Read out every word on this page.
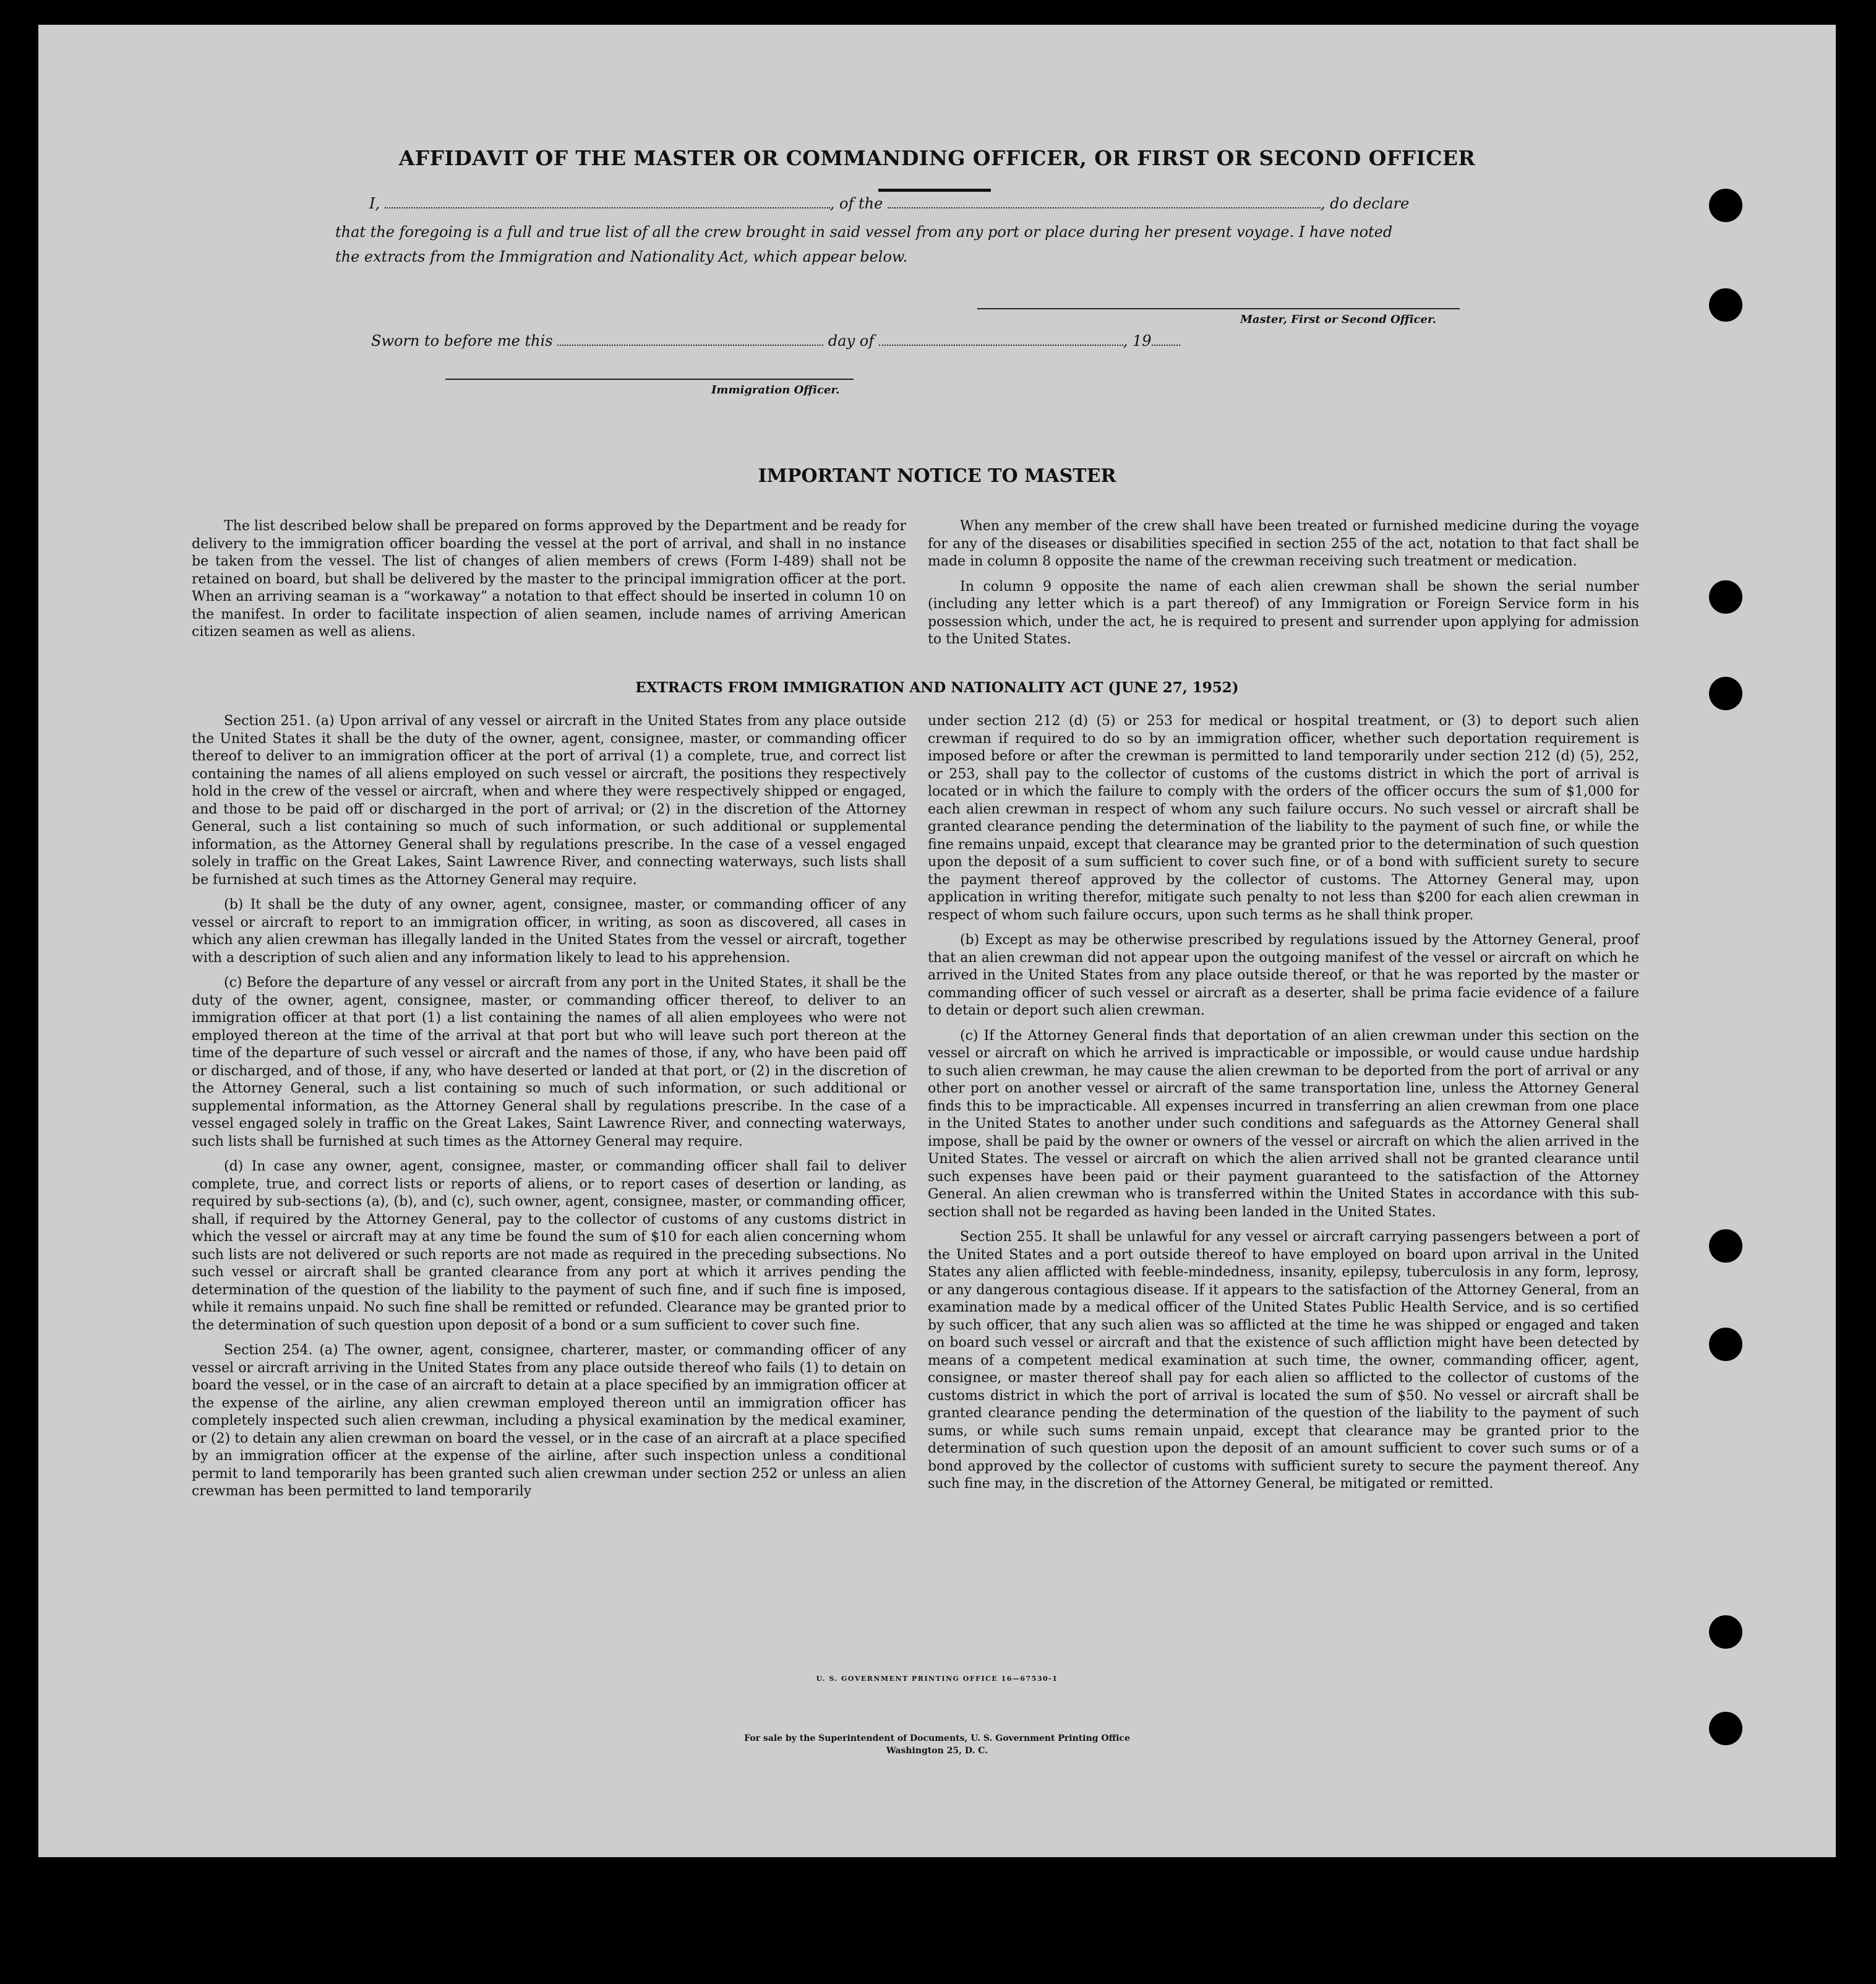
AFFIDAVIT OF THE MASTER OR COMMANDING OFFICER, OR FIRST OR SECOND OFFICER
I,	, of the	, do declare
that the foregoing is a full and true list of all the crew brought in said vessel from any port or place during her present voyage. I have noted
the extracts from the Immigration and Nationality Act, which appear below.
Master, First or Second Officer.
Sworn to before me this	day of	, 19
Immigration Officer.
IMPORTANT NOTICE TO MASTER

The list described below shall be prepared on forms approved by the Department and be ready for delivery to the immigration officer boarding the vessel at the port of arrival, and shall in no instance be taken from the vessel. The list of changes of alien members of crews (Form I-489) shall not be retained on board, but shall be delivered by the master to the principal immigration officer at the port. When an arriving seaman is a “workaway” a notation to that effect should be inserted in column 10 on the manifest. In order to facilitate inspection of alien seamen, include names of arriving American citizen seamen as well as aliens.

When any member of the crew shall have been treated or furnished medicine during the voyage for any of the diseases or disabilities specified in section 255 of the act, notation to that fact shall be made in column 8 opposite the name of the crewman receiving such treatment or medication.

In column 9 opposite the name of each alien crewman shall be shown the serial number (including any letter which is a part thereof) of any Immigration or Foreign Service form in his possession which, under the act, he is required to present and surrender upon applying for admission to the United States.

EXTRACTS FROM IMMIGRATION AND NATIONALITY ACT (JUNE 27, 1952)

Section 251. (a) Upon arrival of any vessel or aircraft in the United States from any place outside the United States it shall be the duty of the owner, agent, consignee, master, or commanding officer thereof to deliver to an immigration officer at the port of arrival (1) a complete, true, and correct list containing the names of all aliens employed on such vessel or aircraft, the positions they respectively hold in the crew of the vessel or aircraft, when and where they were respectively shipped or engaged, and those to be paid off or discharged in the port of arrival; or (2) in the discretion of the Attorney General, such a list containing so much of such information, or such additional or supplemental information, as the Attorney General shall by regulations prescribe. In the case of a vessel engaged solely in traffic on the Great Lakes, Saint Lawrence River, and connecting waterways, such lists shall be furnished at such times as the Attorney General may require.

(b) It shall be the duty of any owner, agent, consignee, master, or commanding officer of any vessel or aircraft to report to an immigration officer, in writing, as soon as discovered, all cases in which any alien crewman has illegally landed in the United States from the vessel or aircraft, together with a description of such alien and any information likely to lead to his apprehension.

(c) Before the departure of any vessel or aircraft from any port in the United States, it shall be the duty of the owner, agent, consignee, master, or commanding officer thereof, to deliver to an immigration officer at that port (1) a list containing the names of all alien employees who were not employed thereon at the time of the arrival at that port but who will leave such port thereon at the time of the departure of such vessel or aircraft and the names of those, if any, who have been paid off or discharged, and of those, if any, who have deserted or landed at that port, or (2) in the discretion of the Attorney General, such a list containing so much of such information, or such additional or supplemental information, as the Attorney General shall by regulations prescribe. In the case of a vessel engaged solely in traffic on the Great Lakes, Saint Lawrence River, and connecting waterways, such lists shall be furnished at such times as the Attorney General may require.

(d) In case any owner, agent, consignee, master, or commanding officer shall fail to deliver complete, true, and correct lists or reports of aliens, or to report cases of desertion or landing, as required by sub-sections (a), (b), and (c), such owner, agent, consignee, master, or commanding officer, shall, if required by the Attorney General, pay to the collector of customs of any customs district in which the vessel or aircraft may at any time be found the sum of $10 for each alien concerning whom such lists are not delivered or such reports are not made as required in the preceding subsections. No such vessel or aircraft shall be granted clearance from any port at which it arrives pending the determination of the question of the liability to the payment of such fine, and if such fine is imposed, while it remains unpaid. No such fine shall be remitted or refunded. Clearance may be granted prior to the determination of such question upon deposit of a bond or a sum sufficient to cover such fine.

Section 254. (a) The owner, agent, consignee, charterer, master, or commanding officer of any vessel or aircraft arriving in the United States from any place outside thereof who fails (1) to detain on board the vessel, or in the case of an aircraft to detain at a place specified by an immigration officer at the expense of the airline, any alien crewman employed thereon until an immigration officer has completely inspected such alien crewman, including a physical examination by the medical examiner, or (2) to detain any alien crewman on board the vessel, or in the case of an aircraft at a place specified by an immigration officer at the expense of the airline, after such inspection unless a conditional permit to land temporarily has been granted such alien crewman under section 252 or unless an alien crewman has been permitted to land temporarily

under section 212 (d) (5) or 253 for medical or hospital treatment, or (3) to deport such alien crewman if required to do so by an immigration officer, whether such deportation requirement is imposed before or after the crewman is permitted to land temporarily under section 212 (d) (5), 252, or 253, shall pay to the collector of customs of the customs district in which the port of arrival is located or in which the failure to comply with the orders of the officer occurs the sum of $1,000 for each alien crewman in respect of whom any such failure occurs. No such vessel or aircraft shall be granted clearance pending the determination of the liability to the payment of such fine, or while the fine remains unpaid, except that clearance may be granted prior to the determination of such question upon the deposit of a sum sufficient to cover such fine, or of a bond with sufficient surety to secure the payment thereof approved by the collector of customs. The Attorney General may, upon application in writing therefor, mitigate such penalty to not less than $200 for each alien crewman in respect of whom such failure occurs, upon such terms as he shall think proper.

(b) Except as may be otherwise prescribed by regulations issued by the Attorney General, proof that an alien crewman did not appear upon the outgoing manifest of the vessel or aircraft on which he arrived in the United States from any place outside thereof, or that he was reported by the master or commanding officer of such vessel or aircraft as a deserter, shall be prima facie evidence of a failure to detain or deport such alien crewman.

(c) If the Attorney General finds that deportation of an alien crewman under this section on the vessel or aircraft on which he arrived is impracticable or impossible, or would cause undue hardship to such alien crewman, he may cause the alien crewman to be deported from the port of arrival or any other port on another vessel or aircraft of the same transportation line, unless the Attorney General finds this to be impracticable. All expenses incurred in transferring an alien crewman from one place in the United States to another under such conditions and safeguards as the Attorney General shall impose, shall be paid by the owner or owners of the vessel or aircraft on which the alien arrived in the United States. The vessel or aircraft on which the alien arrived shall not be granted clearance until such expenses have been paid or their payment guaranteed to the satisfaction of the Attorney General. An alien crewman who is transferred within the United States in accordance with this sub-section shall not be regarded as having been landed in the United States.

Section 255. It shall be unlawful for any vessel or aircraft carrying passengers between a port of the United States and a port outside thereof to have employed on board upon arrival in the United States any alien afflicted with feeble-mindedness, insanity, epilepsy, tuberculosis in any form, leprosy, or any dangerous contagious disease. If it appears to the satisfaction of the Attorney General, from an examination made by a medical officer of the United States Public Health Service, and is so certified by such officer, that any such alien was so afflicted at the time he was shipped or engaged and taken on board such vessel or aircraft and that the existence of such affliction might have been detected by means of a competent medical examination at such time, the owner, commanding officer, agent, consignee, or master thereof shall pay for each alien so afflicted to the collector of customs of the customs district in which the port of arrival is located the sum of $50. No vessel or aircraft shall be granted clearance pending the determination of the question of the liability to the payment of such sums, or while such sums remain unpaid, except that clearance may be granted prior to the determination of such question upon the deposit of an amount sufficient to cover such sums or of a bond approved by the collector of customs with sufficient surety to secure the payment thereof. Any such fine may, in the discretion of the Attorney General, be mitigated or remitted.

U. S. GOVERNMENT PRINTING OFFICE 16—67530-1
For sale by the Superintendent of Documents, U. S. Government Printing Office
Washington 25, D. C.
